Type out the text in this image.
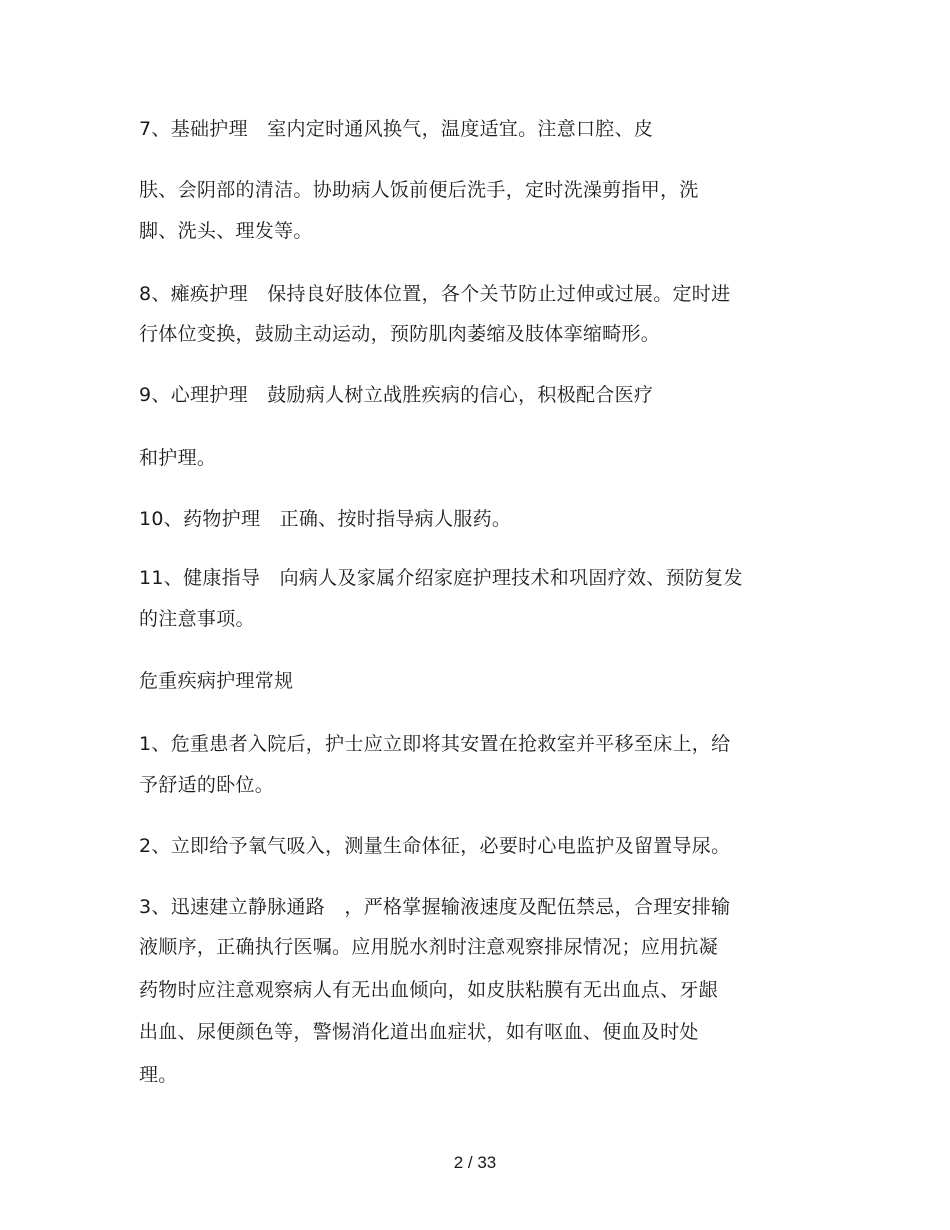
7、基础护理　室内定时通风换气，温度适宜。注意口腔、皮
肤、会阴部的清洁。协助病人饭前便后洗手，定时洗澡剪指甲，洗
脚、洗头、理发等。
8、瘫痪护理　保持良好肢体位置，各个关节防止过伸或过展。定时进
行体位变换，鼓励主动运动，预防肌肉萎缩及肢体挛缩畸形。
9、心理护理　鼓励病人树立战胜疾病的信心，积极配合医疗
和护理。
10、药物护理　正确、按时指导病人服药。
11、健康指导　向病人及家属介绍家庭护理技术和巩固疗效、预防复发
的注意事项。
危重疾病护理常规
1、危重患者入院后，护士应立即将其安置在抢救室并平移至床上，给
予舒适的卧位。
2、立即给予氧气吸入，测量生命体征，必要时心电监护及留置导尿。
3、迅速建立静脉通路　，严格掌握输液速度及配伍禁忌，合理安排输
液顺序，正确执行医嘱。应用脱水剂时注意观察排尿情况；应用抗凝
药物时应注意观察病人有无出血倾向，如皮肤粘膜有无出血点、牙龈
出血、尿便颜色等，警惕消化道出血症状，如有呕血、便血及时处
理。
2 / 33
